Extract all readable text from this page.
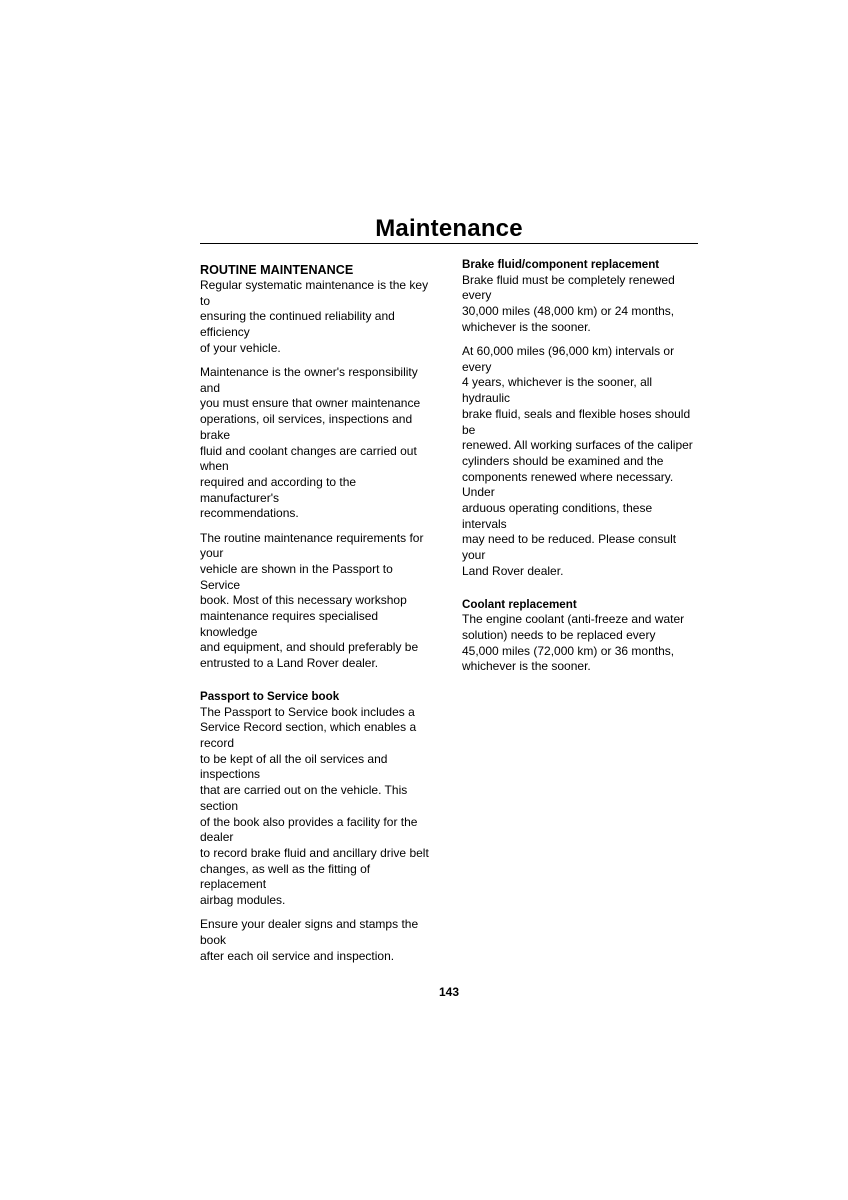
Maintenance
ROUTINE MAINTENANCE

Regular systematic maintenance is the key to
ensuring the continued reliability and efficiency
of your vehicle.

Maintenance is the owner's responsibility and
you must ensure that owner maintenance
operations, oil services, inspections and brake
fluid and coolant changes are carried out when
required and according to the manufacturer's
recommendations.

The routine maintenance requirements for your
vehicle are shown in the Passport to Service
book. Most of this necessary workshop
maintenance requires specialised knowledge
and equipment, and should preferably be
entrusted to a Land Rover dealer.

Passport to Service book

The Passport to Service book includes a
Service Record section, which enables a record
to be kept of all the oil services and inspections
that are carried out on the vehicle. This section
of the book also provides a facility for the dealer
to record brake fluid and ancillary drive belt
changes, as well as the fitting of replacement
airbag modules.

Ensure your dealer signs and stamps the book
after each oil service and inspection.

Brake fluid/component replacement

Brake fluid must be completely renewed every
30,000 miles (48,000 km) or 24 months,
whichever is the sooner.

At 60,000 miles (96,000 km) intervals or every
4 years, whichever is the sooner, all hydraulic
brake fluid, seals and flexible hoses should be
renewed. All working surfaces of the caliper
cylinders should be examined and the
components renewed where necessary. Under
arduous operating conditions, these intervals
may need to be reduced. Please consult your
Land Rover dealer.

Coolant replacement

The engine coolant (anti-freeze and water
solution) needs to be replaced every
45,000 miles (72,000 km) or 36 months,
whichever is the sooner.

143
